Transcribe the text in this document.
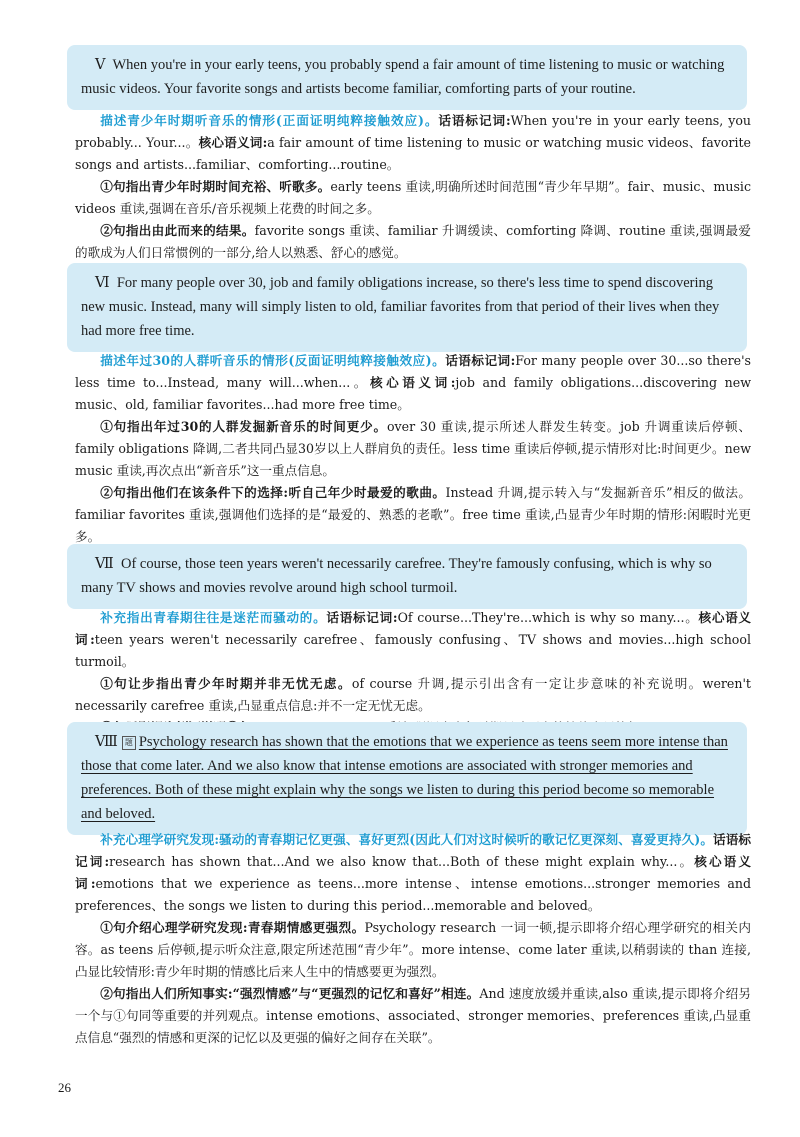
Ⅴ When you're in your early teens, you probably spend a fair amount of time listening to music or watching music videos. Your favorite songs and artists become familiar, comforting parts of your routine.

描述青少年时期听音乐的情形(正面证明纯粹接触效应)。话语标记词:When you're in your early teens, you probably... Your...。核心语义词:a fair amount of time listening to music or watching music videos、favorite songs and artists...familiar、comforting...routine。

①句指出青少年时期时间充裕、听歌多。early teens 重读,明确所述时间范围“青少年早期”。fair、music、music videos 重读,强调在音乐/音乐视频上花费的时间之多。

②句指出由此而来的结果。favorite songs 重读、familiar 升调缓读、comforting 降调、routine 重读,强调最爱的歌成为人们日常惯例的一部分,给人以熟悉、舒心的感觉。

Ⅵ For many people over 30, job and family obligations increase, so there's less time to spend discovering new music. Instead, many will simply listen to old, familiar favorites from that period of their lives when they had more free time.

描述年过30的人群听音乐的情形(反面证明纯粹接触效应)。话语标记词:For many people over 30...so there's less time to...Instead, many will...when...。核心语义词:job and family obligations...discovering new music、old, familiar favorites...had more free time。

①句指出年过30的人群发掘新音乐的时间更少。over 30 重读,提示所述人群发生转变。job 升调重读后停顿、family obligations 降调,二者共同凸显30岁以上人群肩负的责任。less time 重读后停顿,提示情形对比:时间更少。new music 重读,再次点出“新音乐”这一重点信息。

②句指出他们在该条件下的选择:听自己年少时最爱的歌曲。Instead 升调,提示转入与“发掘新音乐”相反的做法。familiar favorites 重读,强调他们选择的是“最爱的、熟悉的老歌”。free time 重读,凸显青少年时期的情形:闲暇时光更多。

Ⅶ Of course, those teen years weren't necessarily carefree. They're famously confusing, which is why so many TV shows and movies revolve around high school turmoil.

补充指出青春期往往是迷茫而骚动的。话语标记词:Of course...They're...which is why so many...。核心语义词:teen years weren't necessarily carefree、famously confusing、TV shows and movies...high school turmoil。

①句让步指出青少年时期并非无忧无虑。of course 升调,提示引出含有一定让步意味的补充说明。weren't necessarily carefree 重读,凸显重点信息:并不一定无忧无虑。

Ⅷ 题 Psychology research has shown that the emotions that we experience as teens seem more intense than those that come later. And we also know that intense emotions are associated with stronger memories and preferences. Both of these might explain why the songs we listen to during this period become so memorable and beloved.

补充心理学研究发现:骚动的青春期记忆更强、喜好更烈(因此人们对这时候听的歌记忆更深刻、喜爱更持久)。话语标记词:research has shown that...And we also know that...Both of these might explain why...。核心语义词:emotions that we experience as teens...more intense、intense emotions...stronger memories and preferences、the songs we listen to during this period...memorable and beloved。

①句介绍心理学研究发现:青春期情感更强烈。Psychology research 一词一顿,提示即将介绍心理学研究的相关内容。as teens 后停顿,提示听众注意,限定所述范围“青少年”。more intense、come later 重读,以稍弱读的 than 连接,凸显比较情形:青少年时期的情感比后来人生中的情感要更为强烈。

②句指出人们所知事实:“强烈情感”与“更强烈的记忆和喜好”相连。And 速度放缓并重读,also 重读,提示即将介绍另一个与①句同等重要的并列观点。intense emotions、associated、stronger memories、preferences 重读,凸显重点信息“强烈的情感和更深的记忆以及更强的偏好之间存在关联”。

26
